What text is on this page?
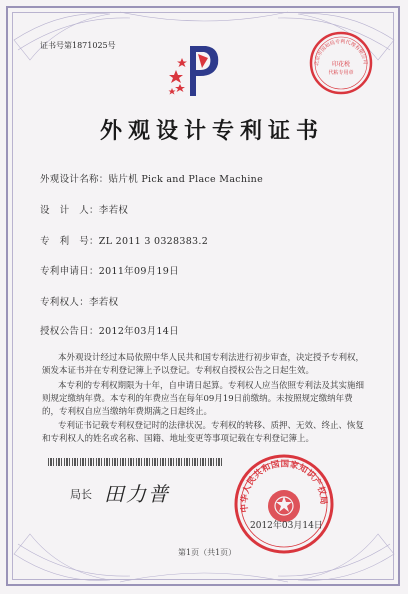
证书号第1871025号
北京市国知局专利代理有限公司
印花税
代粘专用章
外观设计专利证书
外观设计名称：贴片机 Pick and Place Machine
设　计　人：李若权
专　利　号：ZL 2011 3 0328383.2
专利申请日：2011年09月19日
专利权人：李若权
授权公告日：2012年03月14日
本外观设计经过本局依照中华人民共和国专利法进行初步审查，决定授予专利权，颁发本证书并在专利登记簿上予以登记。专利权自授权公告之日起生效。
本专利的专利权期限为十年，自申请日起算。专利权人应当依照专利法及其实施细则规定缴纳年费。本专利的年费应当在每年09月19日前缴纳。未按照规定缴纳年费的，专利权自应当缴纳年费期满之日起终止。
专利证书记载专利权登记时的法律状况。专利权的转移、质押、无效、终止、恢复和专利权人的姓名或名称、国籍、地址变更等事项记载在专利登记簿上。
局长 田力普
中华人民共和国国家知识产权局
2012年03月14日
第1页（共1页）
